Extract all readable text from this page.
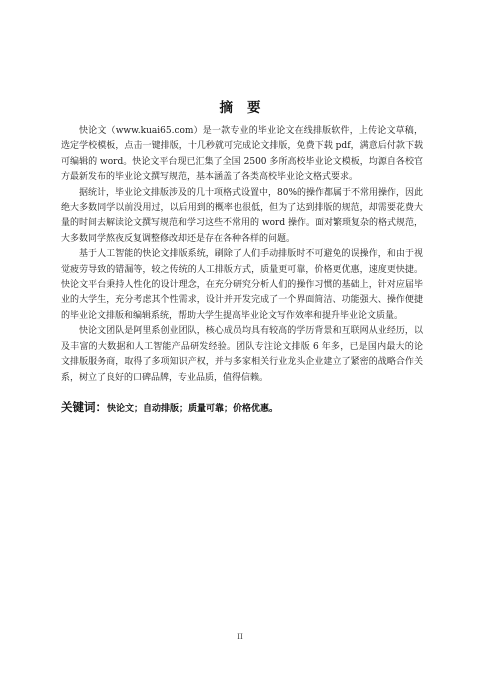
摘要

快论文（www.kuai65.com）是一款专业的毕业论文在线排版软件，上传论文草稿，选定学校模板，点击一键排版，十几秒就可完成论文排版，免费下载 pdf，满意后付款下载可编辑的 word。快论文平台现已汇集了全国 2500 多所高校毕业论文模板，均源自各校官方最新发布的毕业论文撰写规范，基本涵盖了各类高校毕业论文格式要求。

据统计，毕业论文排版涉及的几十项格式设置中，80%的操作都属于不常用操作，因此绝大多数同学以前没用过，以后用到的概率也很低，但为了达到排版的规范，却需要花费大量的时间去解读论文撰写规范和学习这些不常用的 word 操作。面对繁琐复杂的格式规范，大多数同学熬夜反复调整修改却还是存在各种各样的问题。

基于人工智能的快论文排版系统，刷除了人们手动排版时不可避免的误操作，和由于视觉疲劳导致的错漏等，较之传统的人工排版方式，质量更可靠，价格更优惠，速度更快捷。快论文平台秉持人性化的设计理念，在充分研究分析人们的操作习惯的基础上，针对应届毕业的大学生，充分考虑其个性需求，设计并开发完成了一个界面简洁、功能强大、操作便捷的毕业论文排版和编辑系统，帮助大学生提高毕业论文写作效率和提升毕业论文质量。

快论文团队是阿里系创业团队，核心成员均具有较高的学历背景和互联网从业经历，以及丰富的大数据和人工智能产品研发经验。团队专注论文排版 6 年多，已是国内最大的论文排版服务商，取得了多项知识产权，并与多家相关行业龙头企业建立了紧密的战略合作关系，树立了良好的口碑品牌，专业品质，值得信赖。

关键词：快论文；自动排版；质量可靠；价格优惠。
II
